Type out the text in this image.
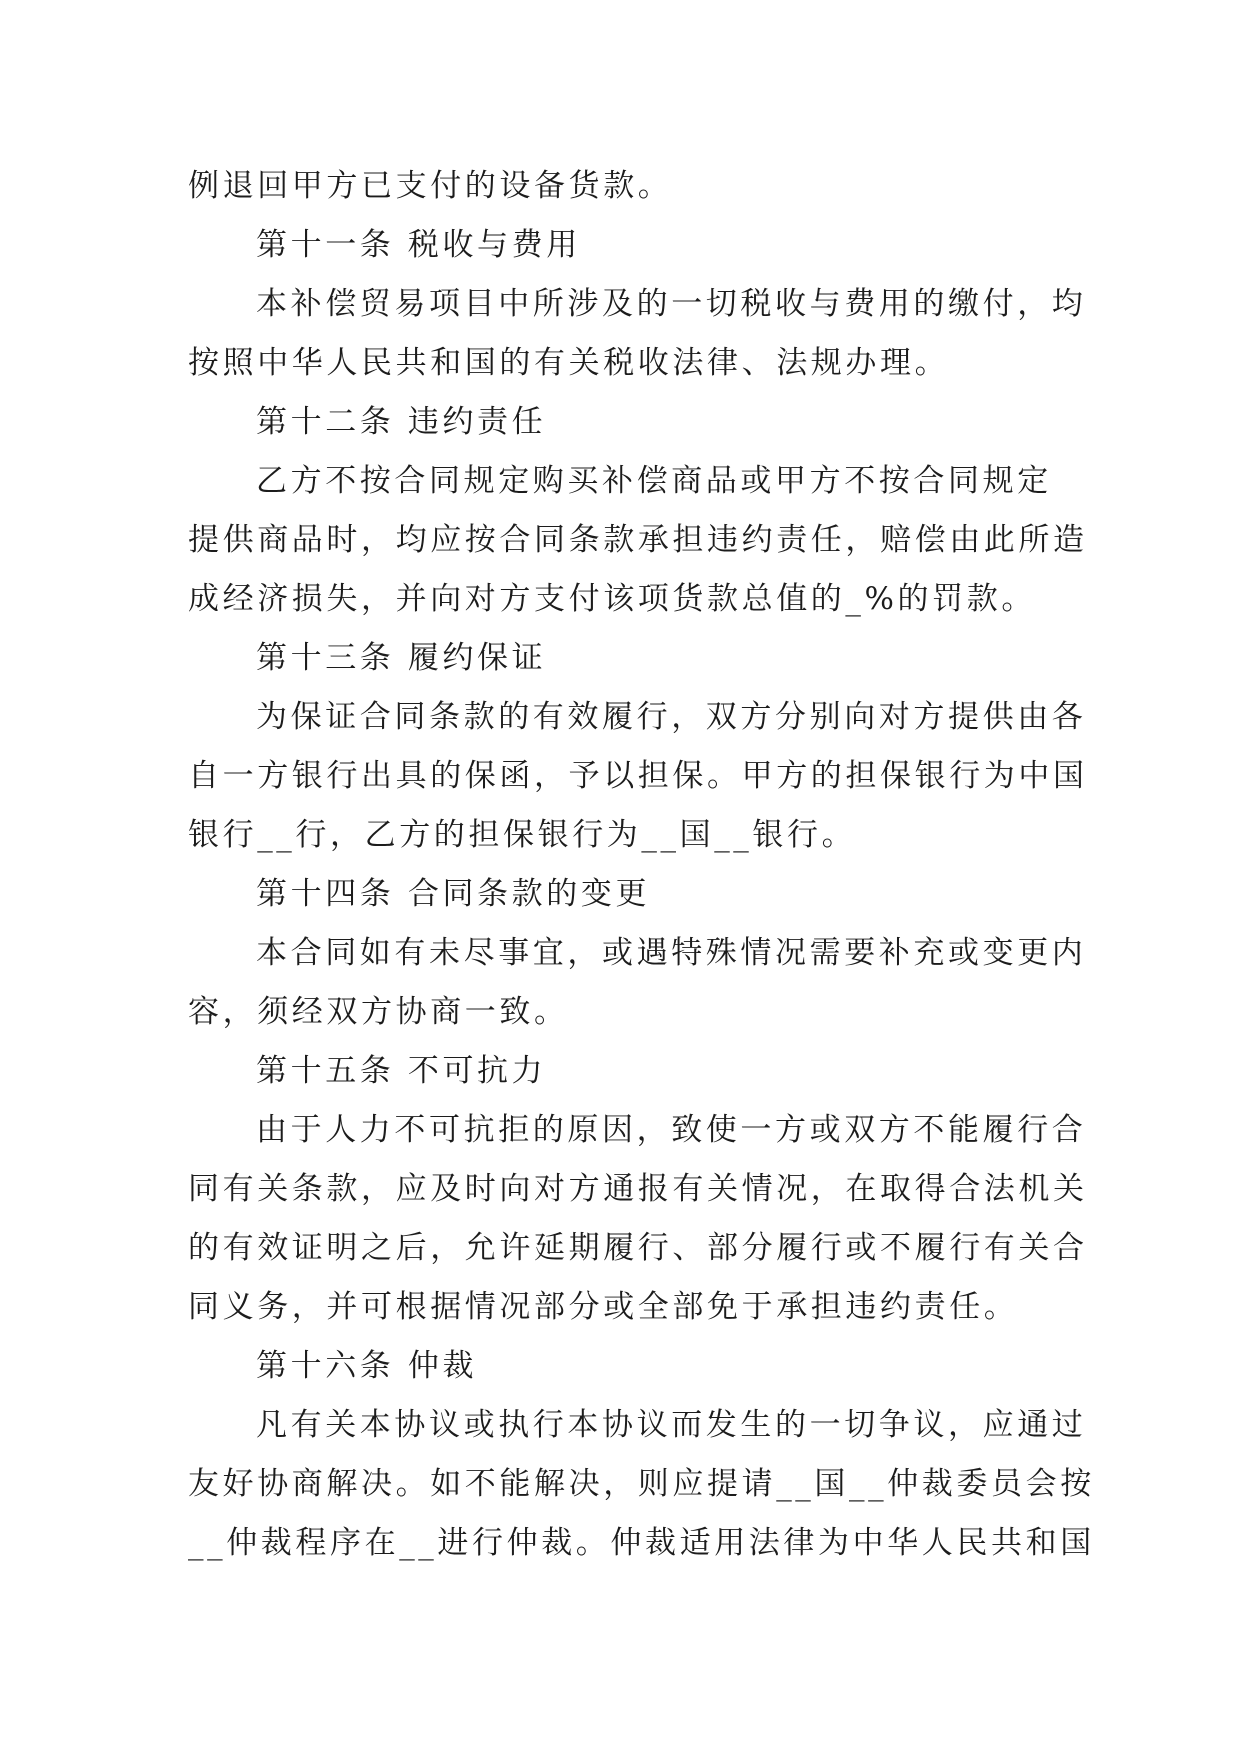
例退回甲方已支付的设备货款。
第十一条 税收与费用
本补偿贸易项目中所涉及的一切税收与费用的缴付，均
按照中华人民共和国的有关税收法律、法规办理。
第十二条 违约责任
乙方不按合同规定购买补偿商品或甲方不按合同规定
提供商品时，均应按合同条款承担违约责任，赔偿由此所造
成经济损失，并向对方支付该项货款总值的_%的罚款。
第十三条 履约保证
为保证合同条款的有效履行，双方分别向对方提供由各
自一方银行出具的保函，予以担保。甲方的担保银行为中国
银行__行，乙方的担保银行为__国__银行。
第十四条 合同条款的变更
本合同如有未尽事宜，或遇特殊情况需要补充或变更内
容，须经双方协商一致。
第十五条 不可抗力
由于人力不可抗拒的原因，致使一方或双方不能履行合
同有关条款，应及时向对方通报有关情况，在取得合法机关
的有效证明之后，允许延期履行、部分履行或不履行有关合
同义务，并可根据情况部分或全部免于承担违约责任。
第十六条 仲裁
凡有关本协议或执行本协议而发生的一切争议，应通过
友好协商解决。如不能解决，则应提请__国__仲裁委员会按
__仲裁程序在__进行仲裁。仲裁适用法律为中华人民共和国
